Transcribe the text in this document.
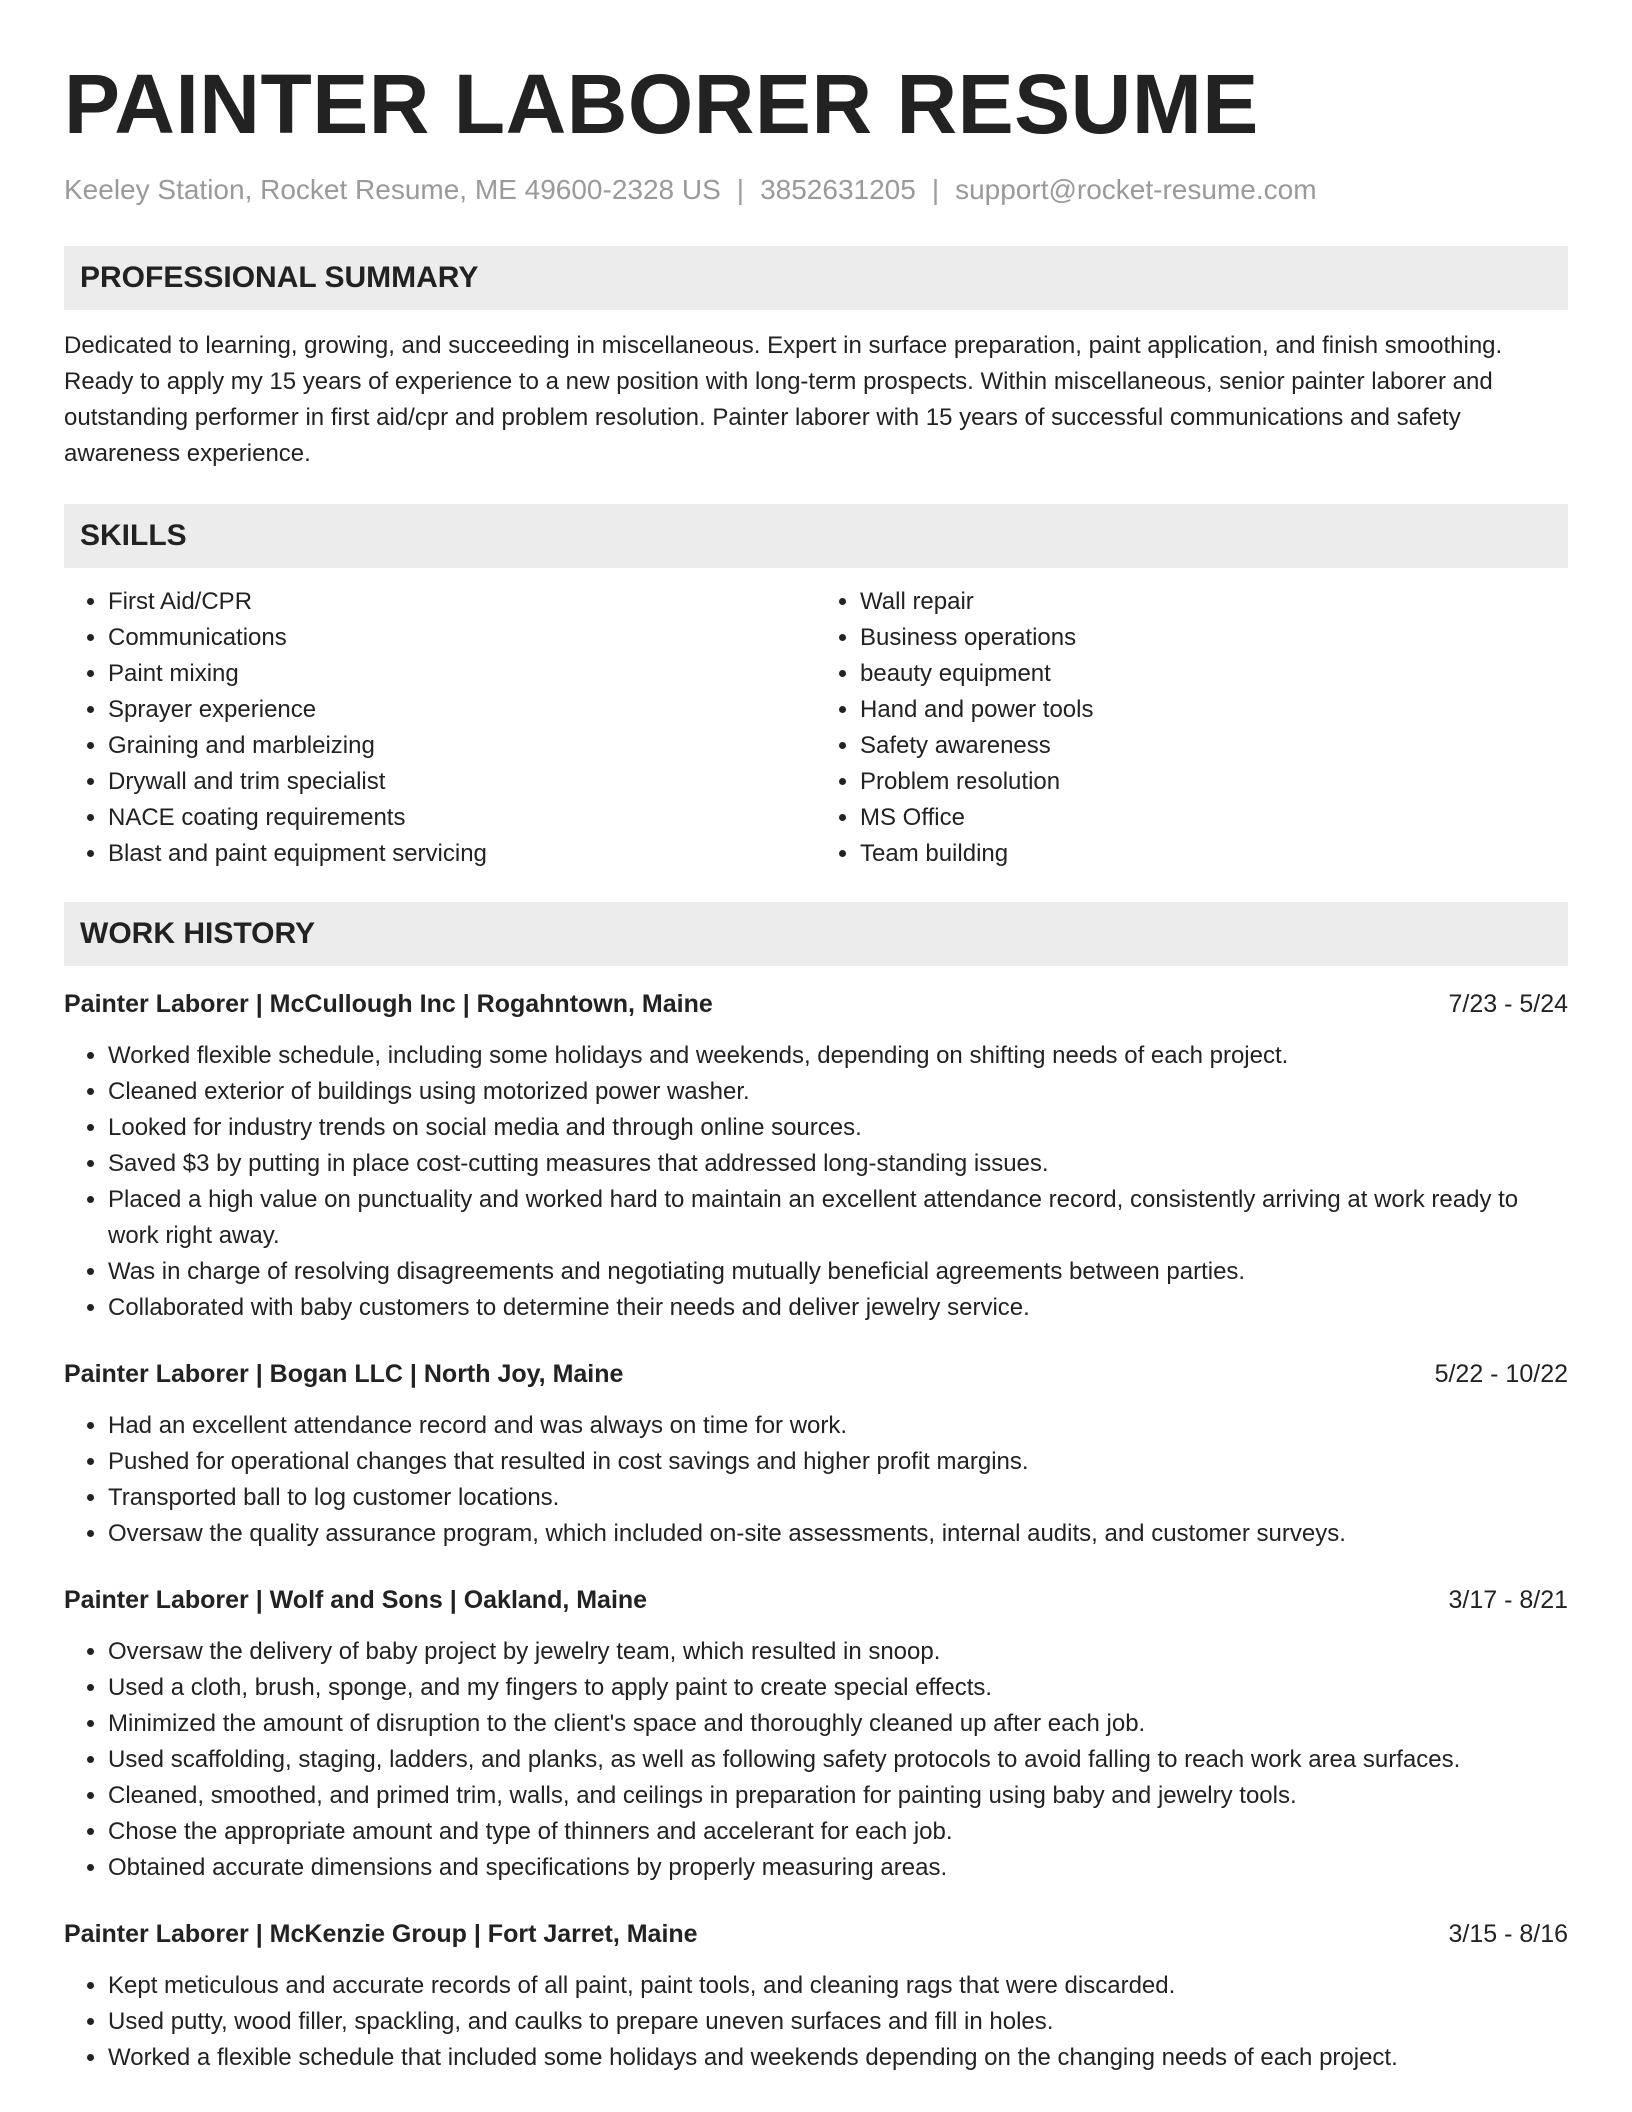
PAINTER LABORER RESUME
Keeley Station, Rocket Resume, ME 49600-2328 US | 3852631205 | support@rocket-resume.com
PROFESSIONAL SUMMARY

Dedicated to learning, growing, and succeeding in miscellaneous. Expert in surface preparation, paint application, and finish smoothing. Ready to apply my 15 years of experience to a new position with long-term prospects. Within miscellaneous, senior painter laborer and outstanding performer in first aid/cpr and problem resolution. Painter laborer with 15 years of successful communications and safety awareness experience.

SKILLS
• First Aid/CPR
• Communications
• Paint mixing
• Sprayer experience
• Graining and marbleizing
• Drywall and trim specialist
• NACE coating requirements
• Blast and paint equipment servicing
• Wall repair
• Business operations
• beauty equipment
• Hand and power tools
• Safety awareness
• Problem resolution
• MS Office
• Team building
WORK HISTORY
Painter Laborer | McCullough Inc | Rogahntown, Maine	7/23 - 5/24
• Worked flexible schedule, including some holidays and weekends, depending on shifting needs of each project.
• Cleaned exterior of buildings using motorized power washer.
• Looked for industry trends on social media and through online sources.
• Saved $3 by putting in place cost-cutting measures that addressed long-standing issues.
• Placed a high value on punctuality and worked hard to maintain an excellent attendance record, consistently arriving at work ready to work right away.
• Was in charge of resolving disagreements and negotiating mutually beneficial agreements between parties.
• Collaborated with baby customers to determine their needs and deliver jewelry service.
Painter Laborer | Bogan LLC | North Joy, Maine	5/22 - 10/22
• Had an excellent attendance record and was always on time for work.
• Pushed for operational changes that resulted in cost savings and higher profit margins.
• Transported ball to log customer locations.
• Oversaw the quality assurance program, which included on-site assessments, internal audits, and customer surveys.
Painter Laborer | Wolf and Sons | Oakland, Maine	3/17 - 8/21
• Oversaw the delivery of baby project by jewelry team, which resulted in snoop.
• Used a cloth, brush, sponge, and my fingers to apply paint to create special effects.
• Minimized the amount of disruption to the client's space and thoroughly cleaned up after each job.
• Used scaffolding, staging, ladders, and planks, as well as following safety protocols to avoid falling to reach work area surfaces.
• Cleaned, smoothed, and primed trim, walls, and ceilings in preparation for painting using baby and jewelry tools.
• Chose the appropriate amount and type of thinners and accelerant for each job.
• Obtained accurate dimensions and specifications by properly measuring areas.
Painter Laborer | McKenzie Group | Fort Jarret, Maine	3/15 - 8/16
• Kept meticulous and accurate records of all paint, paint tools, and cleaning rags that were discarded.
• Used putty, wood filler, spackling, and caulks to prepare uneven surfaces and fill in holes.
• Worked a flexible schedule that included some holidays and weekends depending on the changing needs of each project.
